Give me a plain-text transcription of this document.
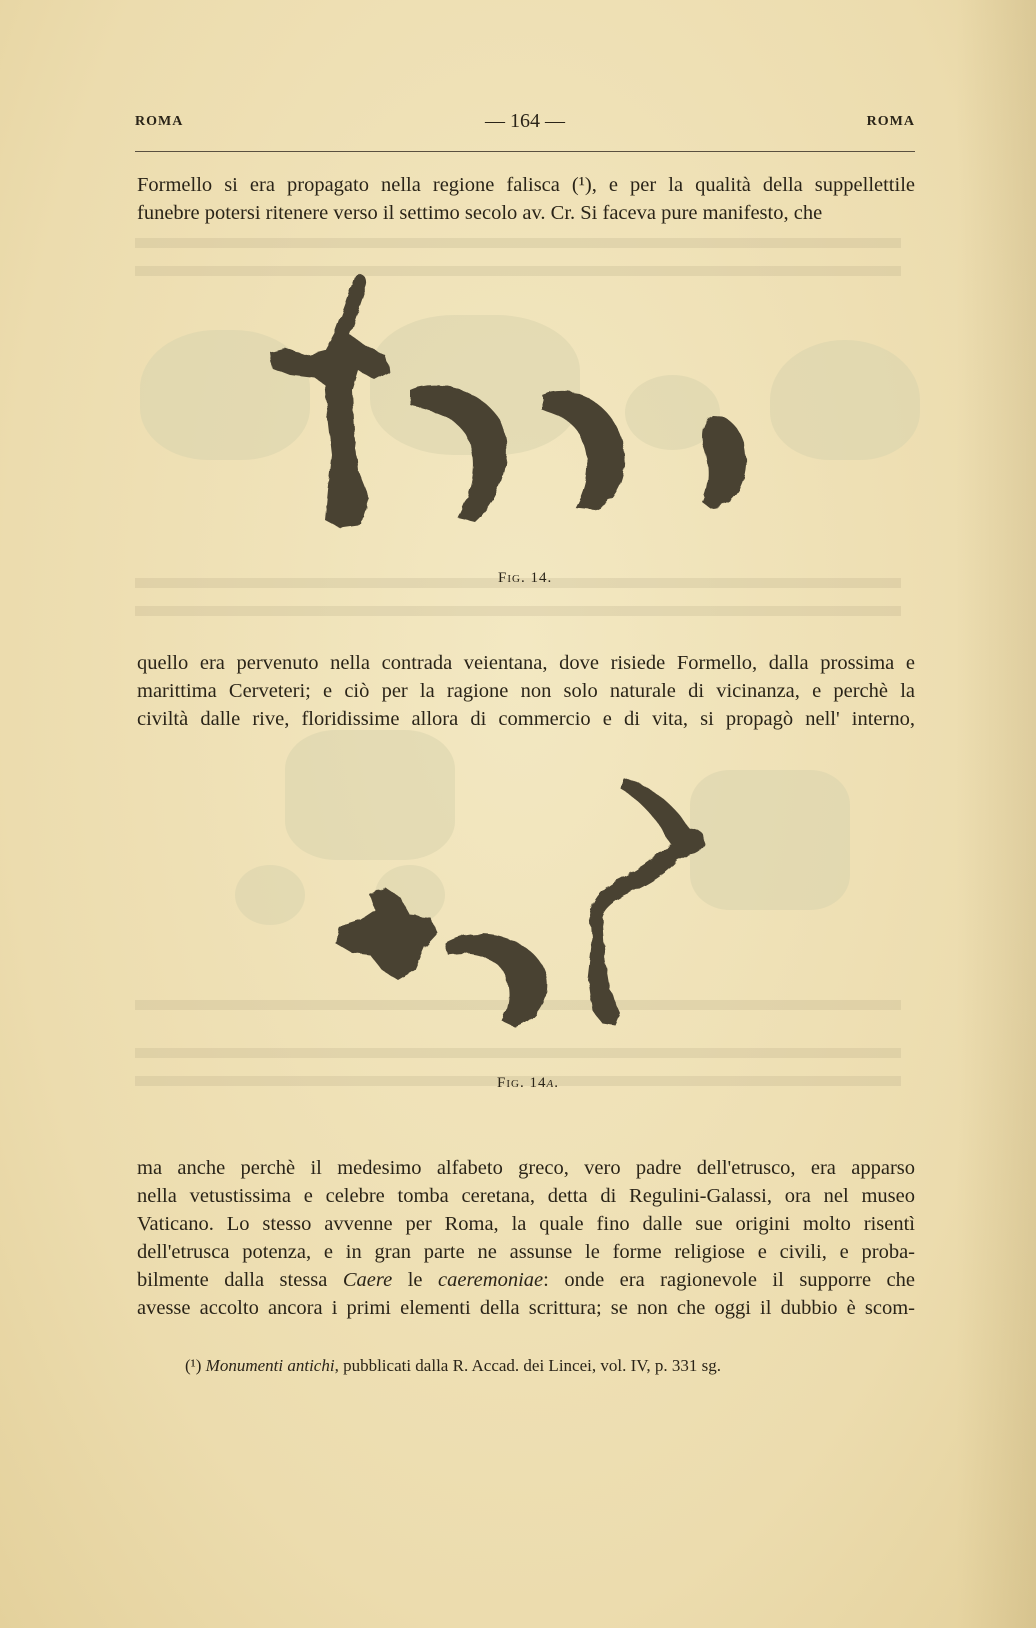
ROMA	— 164 —	ROMA
Formello si era propagato nella regione falisca (¹), e per la qualità della suppellettile
funebre potersi ritenere verso il settimo secolo av. Cr. Si faceva pure manifesto, che
Fig. 14.
quello era pervenuto nella contrada veientana, dove risiede Formello, dalla prossima e
marittima Cerveteri; e ciò per la ragione non solo naturale di vicinanza, e perchè la
civiltà dalle rive, floridissime allora di commercio e di vita, si propagò nell' interno,
Fig. 14a.
ma anche perchè il medesimo alfabeto greco, vero padre dell'etrusco, era apparso
nella vetustissima e celebre tomba ceretana, detta di Regulini-Galassi, ora nel museo
Vaticano. Lo stesso avvenne per Roma, la quale fino dalle sue origini molto risentì
dell'etrusca potenza, e in gran parte ne assunse le forme religiose e civili, e proba-
bilmente dalla stessa Caere le caeremoniae: onde era ragionevole il supporre che
avesse accolto ancora i primi elementi della scrittura; se non che oggi il dubbio è scom-
(¹) Monumenti antichi, pubblicati dalla R. Accad. dei Lincei, vol. IV, p. 331 sg.
